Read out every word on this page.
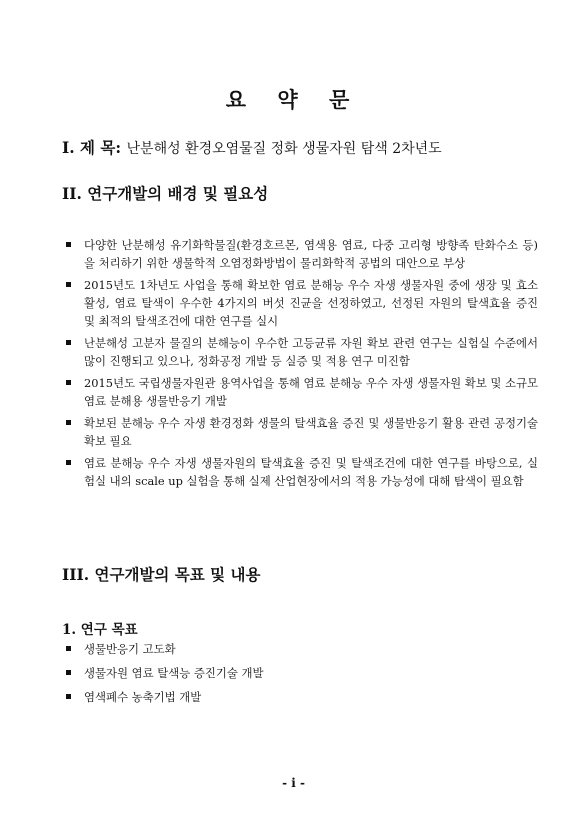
요 약 문
I. 제 목: 난분해성 환경오염물질 정화 생물자원 탐색 2차년도
II. 연구개발의 배경 및 필요성
다양한 난분해성 유기화학물질(환경호르몬, 염색용 염료, 다중 고리형 방향족 탄화수소 등)을 처리하기 위한 생물학적 오염정화방법이 물리화학적 공법의 대안으로 부상
2015년도 1차년도 사업을 통해 확보한 염료 분해능 우수 자생 생물자원 중에 생장 및 효소 활성, 염료 탈색이 우수한 4가지의 버섯 진균을 선정하였고, 선정된 자원의 탈색효율 증진 및 최적의 탈색조건에 대한 연구를 실시
난분해성 고분자 물질의 분해능이 우수한 고등균류 자원 확보 관련 연구는 실험실 수준에서 많이 진행되고 있으나, 정화공정 개발 등 실증 및 적용 연구 미진함
2015년도 국립생물자원관 용역사업을 통해 염료 분해능 우수 자생 생물자원 확보 및 소규모 염료 분해용 생물반응기 개발
확보된 분해능 우수 자생 환경정화 생물의 탈색효율 증진 및 생물반응기 활용 관련 공정기술 확보 필요
염료 분해능 우수 자생 생물자원의 탈색효율 증진 및 탈색조건에 대한 연구를 바탕으로, 실험실 내의 scale up 실험을 통해 실제 산업현장에서의 적용 가능성에 대해 탐색이 필요함
III. 연구개발의 목표 및 내용
1. 연구 목표
생물반응기 고도화
생물자원 염료 탈색능 증진기술 개발
염색폐수 농축기법 개발
- i -
